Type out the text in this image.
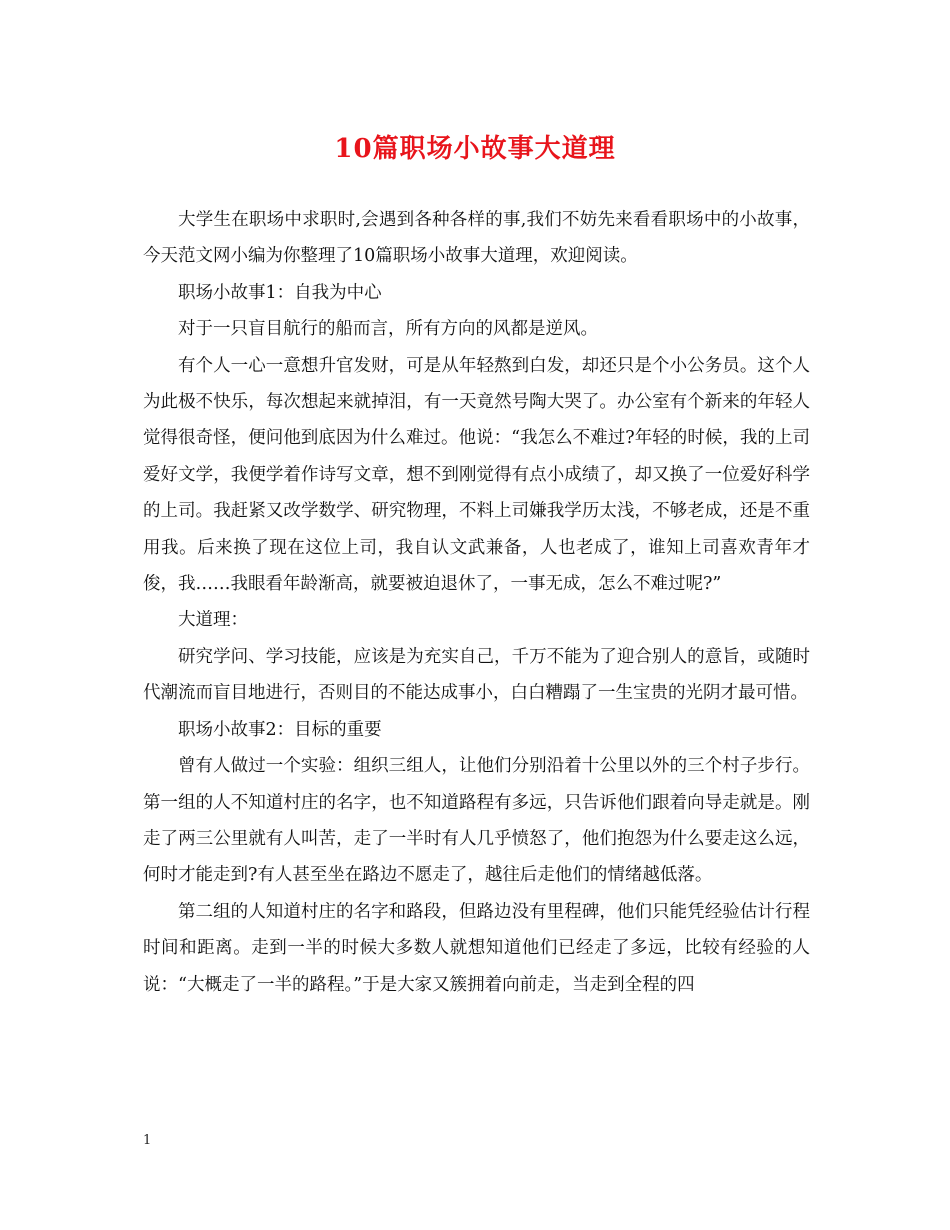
10篇职场小故事大道理

大学生在职场中求职时,会遇到各种各样的事,我们不妨先来看看职场中的小故事，今天范文网小编为你整理了10篇职场小故事大道理，欢迎阅读。

职场小故事1：自我为中心

对于一只盲目航行的船而言，所有方向的风都是逆风。

有个人一心一意想升官发财，可是从年轻熬到白发，却还只是个小公务员。这个人为此极不快乐，每次想起来就掉泪，有一天竟然号陶大哭了。办公室有个新来的年轻人觉得很奇怪，便问他到底因为什么难过。他说：“我怎么不难过?年轻的时候，我的上司爱好文学，我便学着作诗写文章，想不到刚觉得有点小成绩了，却又换了一位爱好科学的上司。我赶紧又改学数学、研究物理，不料上司嫌我学历太浅，不够老成，还是不重用我。后来换了现在这位上司，我自认文武兼备，人也老成了，谁知上司喜欢青年才俊，我……我眼看年龄渐高，就要被迫退休了，一事无成，怎么不难过呢?”

大道理：

研究学问、学习技能，应该是为充实自己，千万不能为了迎合别人的意旨，或随时代潮流而盲目地进行，否则目的不能达成事小，白白糟蹋了一生宝贵的光阴才最可惜。

职场小故事2：目标的重要

曾有人做过一个实验：组织三组人，让他们分别沿着十公里以外的三个村子步行。第一组的人不知道村庄的名字，也不知道路程有多远，只告诉他们跟着向导走就是。刚走了两三公里就有人叫苦，走了一半时有人几乎愤怒了，他们抱怨为什么要走这么远，何时才能走到?有人甚至坐在路边不愿走了，越往后走他们的情绪越低落。

第二组的人知道村庄的名字和路段，但路边没有里程碑，他们只能凭经验估计行程时间和距离。走到一半的时候大多数人就想知道他们已经走了多远，比较有经验的人说：“大概走了一半的路程。”于是大家又簇拥着向前走，当走到全程的四

1
